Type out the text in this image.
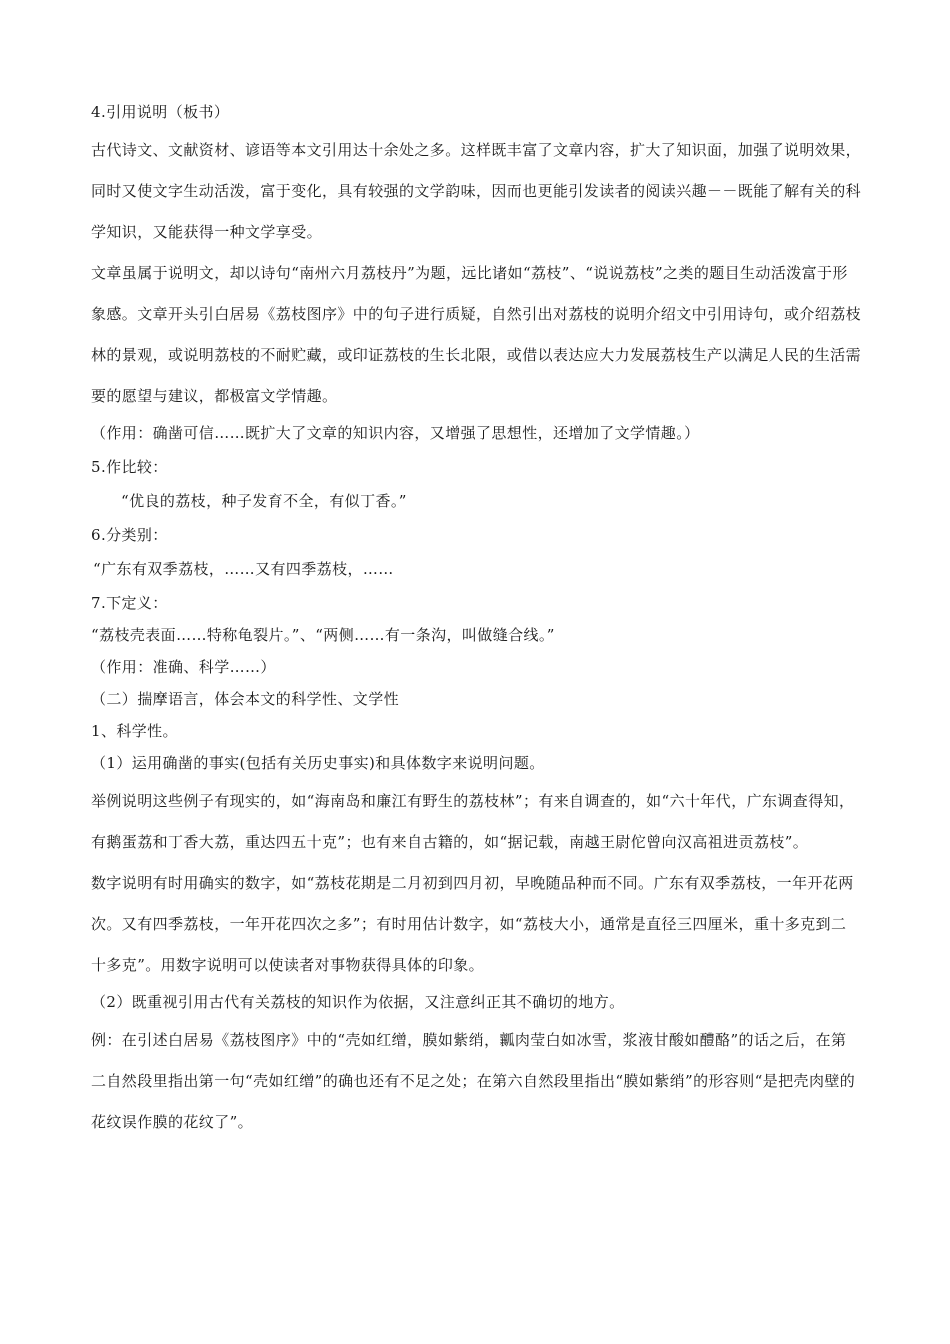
4.引用说明（板书）

古代诗文、文献资材、谚语等本文引用达十余处之多。这样既丰富了文章内容，扩大了知识面，加强了说明效果，同时又使文字生动活泼，富于变化，具有较强的文学韵味，因而也更能引发读者的阅读兴趣－－既能了解有关的科学知识，又能获得一种文学享受。

文章虽属于说明文，却以诗句“南州六月荔枝丹”为题，远比诸如“荔枝”、“说说荔枝”之类的题目生动活泼富于形象感。文章开头引白居易《荔枝图序》中的句子进行质疑，自然引出对荔枝的说明介绍文中引用诗句，或介绍荔枝林的景观，或说明荔枝的不耐贮藏，或印证荔枝的生长北限，或借以表达应大力发展荔枝生产以满足人民的生活需要的愿望与建议，都极富文学情趣。

（作用：确凿可信……既扩大了文章的知识内容，又增强了思想性，还增加了文学情趣。）

5.作比较：

“优良的荔枝，种子发育不全，有似丁香。”

6.分类别：

“广东有双季荔枝，……又有四季荔枝，……

7.下定义：

“荔枝壳表面……特称龟裂片。”、“两侧……有一条沟，叫做缝合线。”

（作用：准确、科学……）

（二）揣摩语言，体会本文的科学性、文学性

1、科学性。

（1）运用确凿的事实(包括有关历史事实)和具体数字来说明问题。

举例说明这些例子有现实的，如“海南岛和廉江有野生的荔枝林”；有来自调查的，如“六十年代，广东调查得知，有鹅蛋荔和丁香大荔，重达四五十克”；也有来自古籍的，如“据记载，南越王尉佗曾向汉高祖进贡荔枝”。

数字说明有时用确实的数字，如“荔枝花期是二月初到四月初，早晚随品种而不同。广东有双季荔枝，一年开花两次。又有四季荔枝，一年开花四次之多”；有时用估计数字，如“荔枝大小，通常是直径三四厘米，重十多克到二十多克”。用数字说明可以使读者对事物获得具体的印象。

（2）既重视引用古代有关荔枝的知识作为依据，又注意纠正其不确切的地方。

例：在引述白居易《荔枝图序》中的“壳如红缯，膜如紫绡，瓤肉莹白如冰雪，浆液甘酸如醴酪”的话之后，在第二自然段里指出第一句“壳如红缯”的确也还有不足之处；在第六自然段里指出“膜如紫绡”的形容则“是把壳肉壁的花纹误作膜的花纹了”。
